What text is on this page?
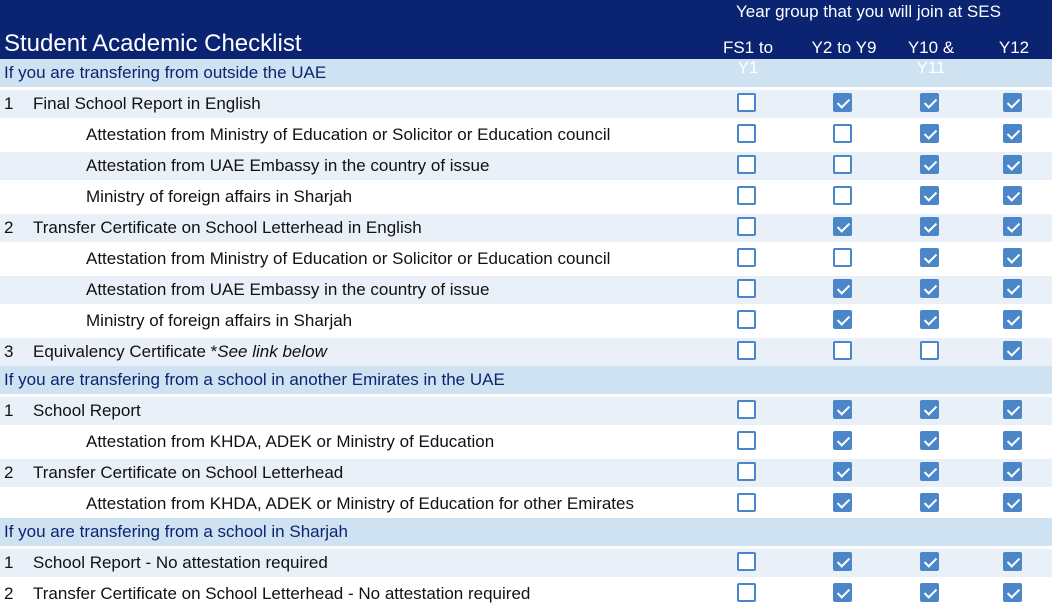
Student Academic Checklist
Year group that you will join at SES
FS1 to Y1
Y2 to Y9	Y10 & Y11
Y12
If you are transfering from outside the UAE
1 Final School Report in English
Attestation from Ministry of Education or Solicitor or Education council
Attestation from UAE Embassy in the country of issue
Ministry of foreign affairs in Sharjah
2 Transfer Certificate on School Letterhead in English
Attestation from Ministry of Education or Solicitor or Education council
Attestation from UAE Embassy in the country of issue
Ministry of foreign affairs in Sharjah
3 Equivalency Certificate *See link below
If you are transfering from a school in another Emirates in the UAE
1 School Report
Attestation from KHDA, ADEK or Ministry of Education
2 Transfer Certificate on School Letterhead
Attestation from KHDA, ADEK or Ministry of Education for other Emirates
If you are transfering from a school in Sharjah
1 School Report - No attestation required
2 Transfer Certificate on School Letterhead - No attestation required
